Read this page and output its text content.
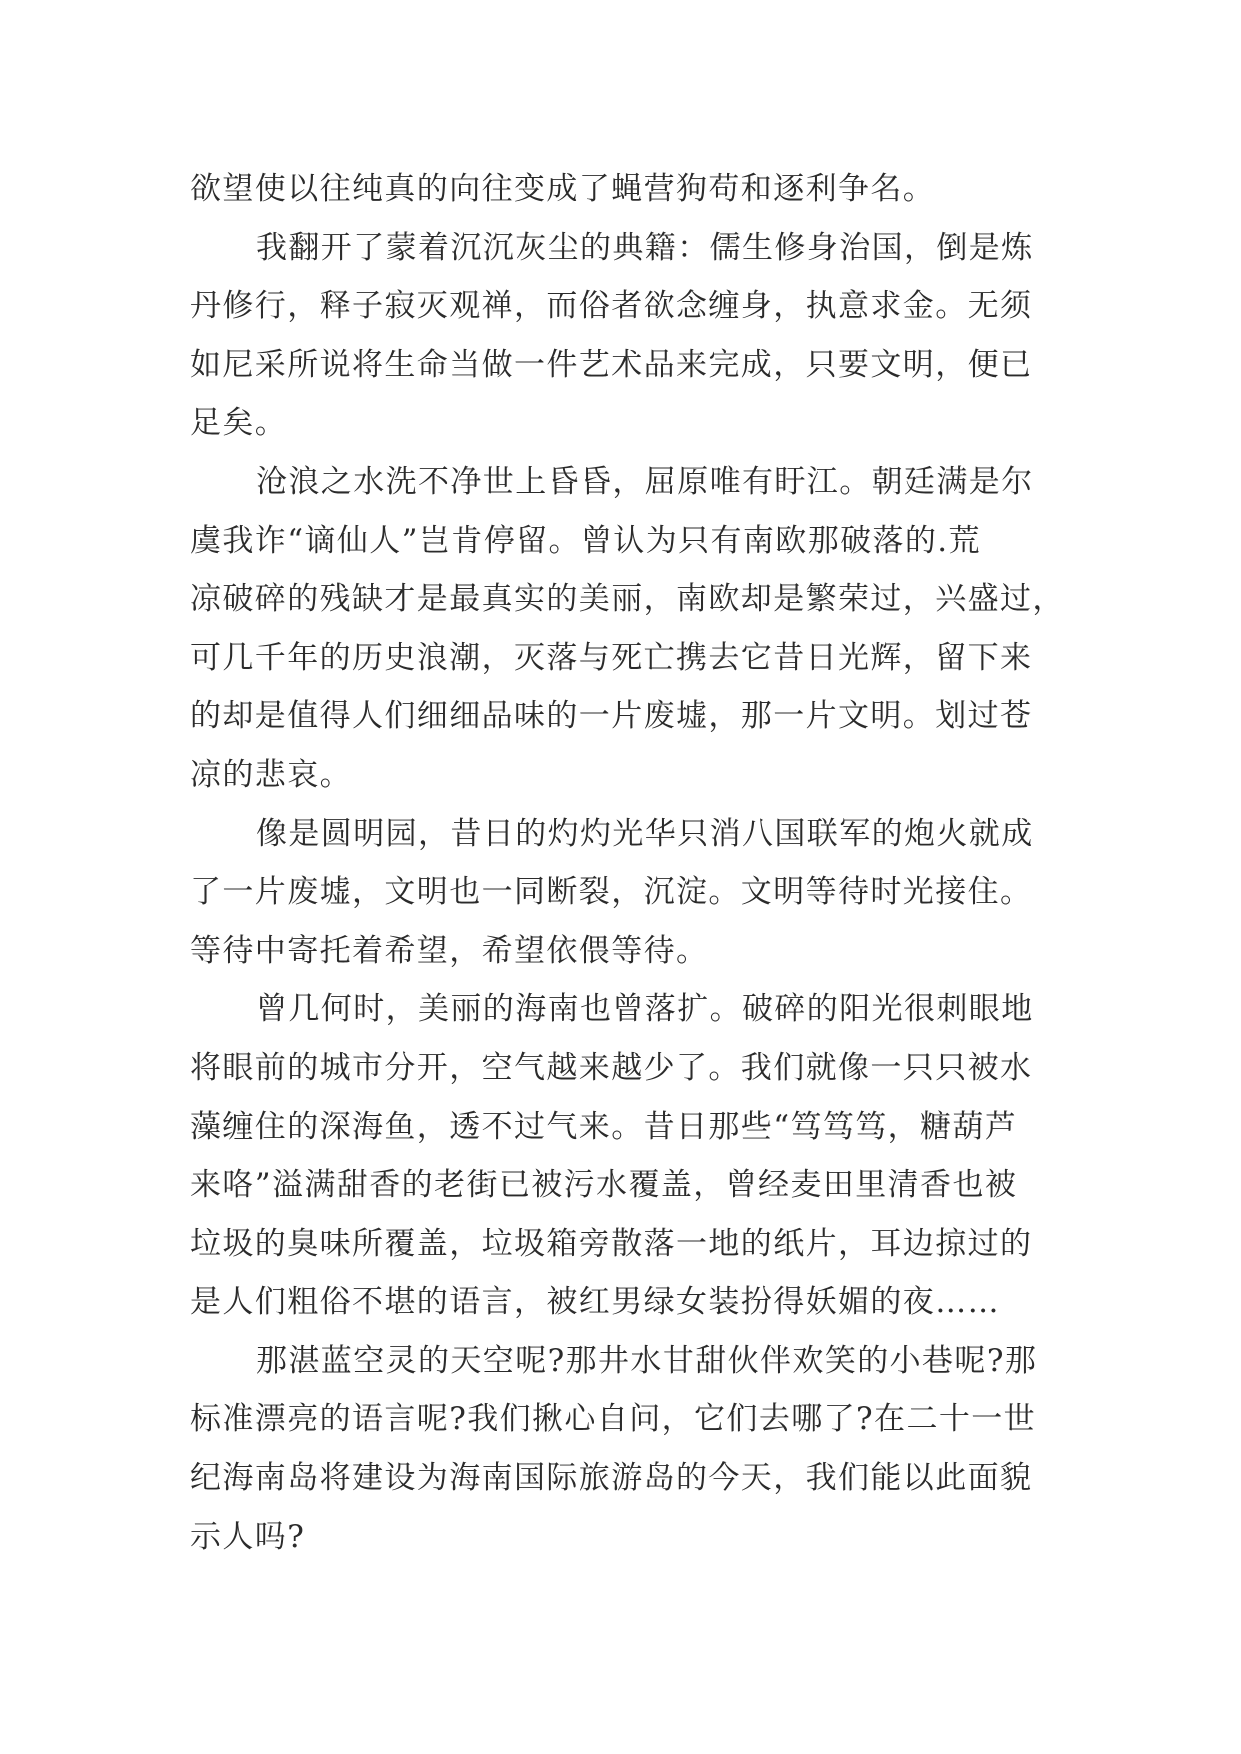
欲望使以往纯真的向往变成了蝇营狗苟和逐利争名。
我翻开了蒙着沉沉灰尘的典籍：儒生修身治国，倒是炼
丹修行，释子寂灭观禅，而俗者欲念缠身，执意求金。无须
如尼采所说将生命当做一件艺术品来完成，只要文明，便已
足矣。
沧浪之水洗不净世上昏昏，屈原唯有盱江。朝廷满是尔
虞我诈“谪仙人”岂肯停留。曾认为只有南欧那破落的.荒
凉破碎的残缺才是最真实的美丽，南欧却是繁荣过，兴盛过，
可几千年的历史浪潮，灭落与死亡携去它昔日光辉，留下来
的却是值得人们细细品味的一片废墟，那一片文明。划过苍
凉的悲哀。
像是圆明园，昔日的灼灼光华只消八国联军的炮火就成
了一片废墟，文明也一同断裂，沉淀。文明等待时光接住。
等待中寄托着希望，希望依偎等待。
曾几何时，美丽的海南也曾落扩。破碎的阳光很刺眼地
将眼前的城市分开，空气越来越少了。我们就像一只只被水
藻缠住的深海鱼，透不过气来。昔日那些“笃笃笃，糖葫芦
来咯”溢满甜香的老街已被污水覆盖，曾经麦田里清香也被
垃圾的臭味所覆盖，垃圾箱旁散落一地的纸片，耳边掠过的
是人们粗俗不堪的语言，被红男绿女装扮得妖媚的夜……
那湛蓝空灵的天空呢?那井水甘甜伙伴欢笑的小巷呢?那
标准漂亮的语言呢?我们揪心自问，它们去哪了?在二十一世
纪海南岛将建设为海南国际旅游岛的今天，我们能以此面貌
示人吗?
